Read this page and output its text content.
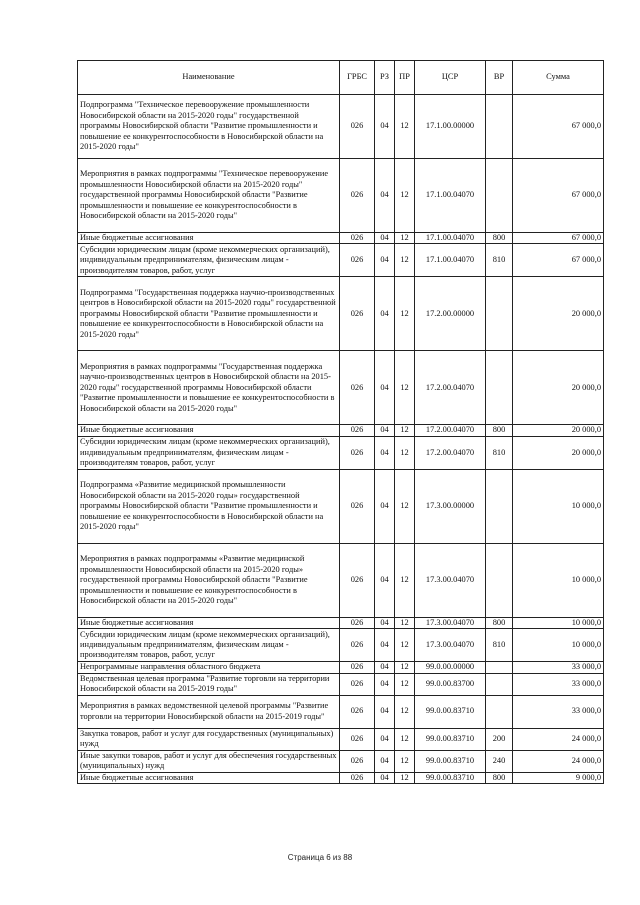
Наименование	ГРБС	РЗ	ПР	ЦСР	ВР	Сумма
Подпрограмма "Техническое перевооружение промышленности Новосибирской области на 2015-2020 годы" государственной программы Новосибирской области "Развитие промышленности и повышение ее конкурентоспособности в Новосибирской области на 2015-2020 годы"	026	04	12	17.1.00.00000		67 000,0
Мероприятия в рамках подпрограммы "Техническое перевооружение промышленности Новосибирской области на 2015-2020 годы" государственной программы Новосибирской области "Развитие промышленности и повышение ее конкурентоспособности в Новосибирской области на 2015-2020 годы"	026	04	12	17.1.00.04070		67 000,0
Иные бюджетные ассигнования	026	04	12	17.1.00.04070	800	67 000,0
Субсидии юридическим лицам (кроме некоммерческих организаций), индивидуальным предпринимателям, физическим лицам - производителям товаров, работ, услуг	026	04	12	17.1.00.04070	810	67 000,0
Подпрограмма "Государственная поддержка научно-производственных центров в Новосибирской области на 2015-2020 годы" государственной программы Новосибирской области "Развитие промышленности и повышение ее конкурентоспособности в Новосибирской области на 2015-2020 годы"	026	04	12	17.2.00.00000		20 000,0
Мероприятия в рамках подпрограммы "Государственная поддержка научно-производственных центров в Новосибирской области на 2015-2020 годы" государственной программы Новосибирской области "Развитие промышленности и повышение ее конкурентоспособности в Новосибирской области на 2015-2020 годы"	026	04	12	17.2.00.04070		20 000,0
Иные бюджетные ассигнования	026	04	12	17.2.00.04070	800	20 000,0
Субсидии юридическим лицам (кроме некоммерческих организаций), индивидуальным предпринимателям, физическим лицам - производителям товаров, работ, услуг	026	04	12	17.2.00.04070	810	20 000,0
Подпрограмма «Развитие медицинской промышленности Новосибирской области на 2015-2020 годы» государственной программы Новосибирской области "Развитие промышленности и повышение ее конкурентоспособности в Новосибирской области на 2015-2020 годы"	026	04	12	17.3.00.00000		10 000,0
Мероприятия в рамках подпрограммы «Развитие медицинской промышленности Новосибирской области на 2015-2020 годы» государственной программы Новосибирской области "Развитие промышленности и повышение ее конкурентоспособности в Новосибирской области на 2015-2020 годы"	026	04	12	17.3.00.04070		10 000,0
Иные бюджетные ассигнования	026	04	12	17.3.00.04070	800	10 000,0
Субсидии юридическим лицам (кроме некоммерческих организаций), индивидуальным предпринимателям, физическим лицам - производителям товаров, работ, услуг	026	04	12	17.3.00.04070	810	10 000,0
Непрограммные направления областного бюджета	026	04	12	99.0.00.00000		33 000,0
Ведомственная целевая программа "Развитие торговли на территории Новосибирской области на 2015-2019 годы"	026	04	12	99.0.00.83700		33 000,0
Мероприятия в рамках ведомственной целевой программы "Развитие торговли на территории Новосибирской области на 2015-2019 годы"	026	04	12	99.0.00.83710		33 000,0
Закупка товаров, работ и услуг для государственных (муниципальных) нужд	026	04	12	99.0.00.83710	200	24 000,0
Иные закупки товаров, работ и услуг для обеспечения государственных (муниципальных) нужд	026	04	12	99.0.00.83710	240	24 000,0
Иные бюджетные ассигнования	026	04	12	99.0.00.83710	800	9 000,0
Страница 6 из 88
